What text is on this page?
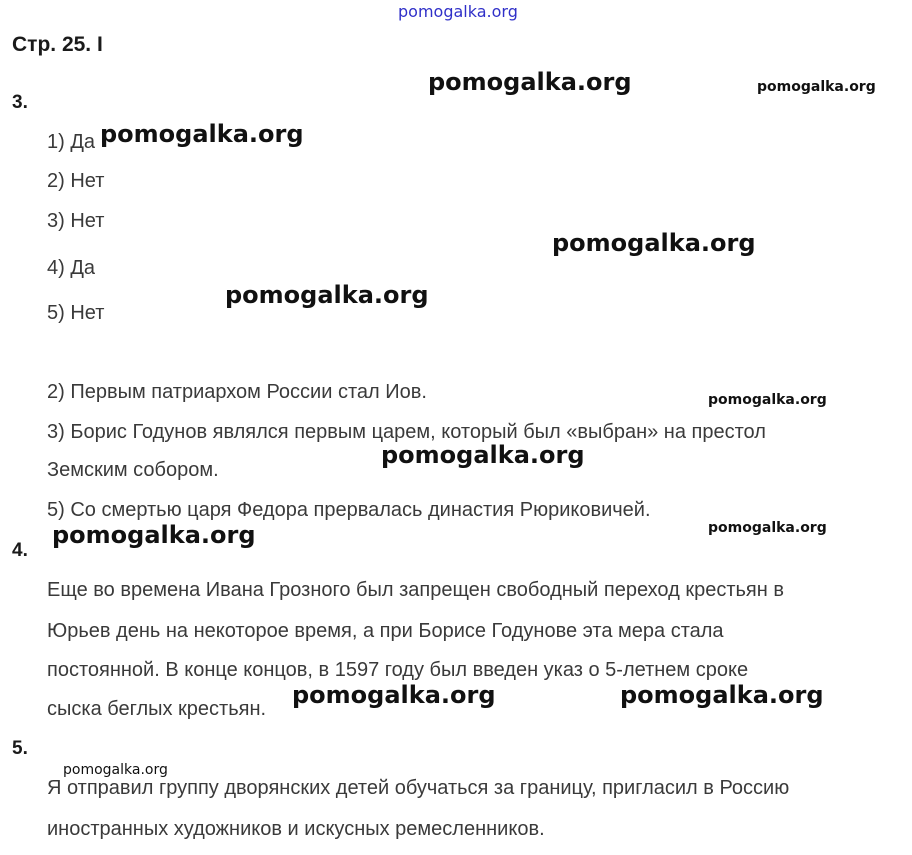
pomogalka.org
Стр. 25. І
3.
1) Да
2) Нет
3) Нет
4) Да
5) Нет
2) Первым патриархом России стал Иов.
3) Борис Годунов являлся первым царем, который был «выбран» на престол
Земским собором.
5) Со смертью царя Федора прервалась династия Рюриковичей.
4.
Еще во времена Ивана Грозного был запрещен свободный переход крестьян в
Юрьев день на некоторое время, а при Борисе Годунове эта мера стала
постоянной. В конце концов, в 1597 году был введен указ о 5-летнем сроке
сыска беглых крестьян.
5.
Я отправил группу дворянских детей обучаться за границу, пригласил в Россию
иностранных художников и искусных ремесленников.
pomogalka.org	pomogalka.org
pomogalka.org
pomogalka.org
pomogalka.org
pomogalka.org
pomogalka.org
pomogalka.org
pomogalka.org
pomogalka.org	pomogalka.org
pomogalka.org
